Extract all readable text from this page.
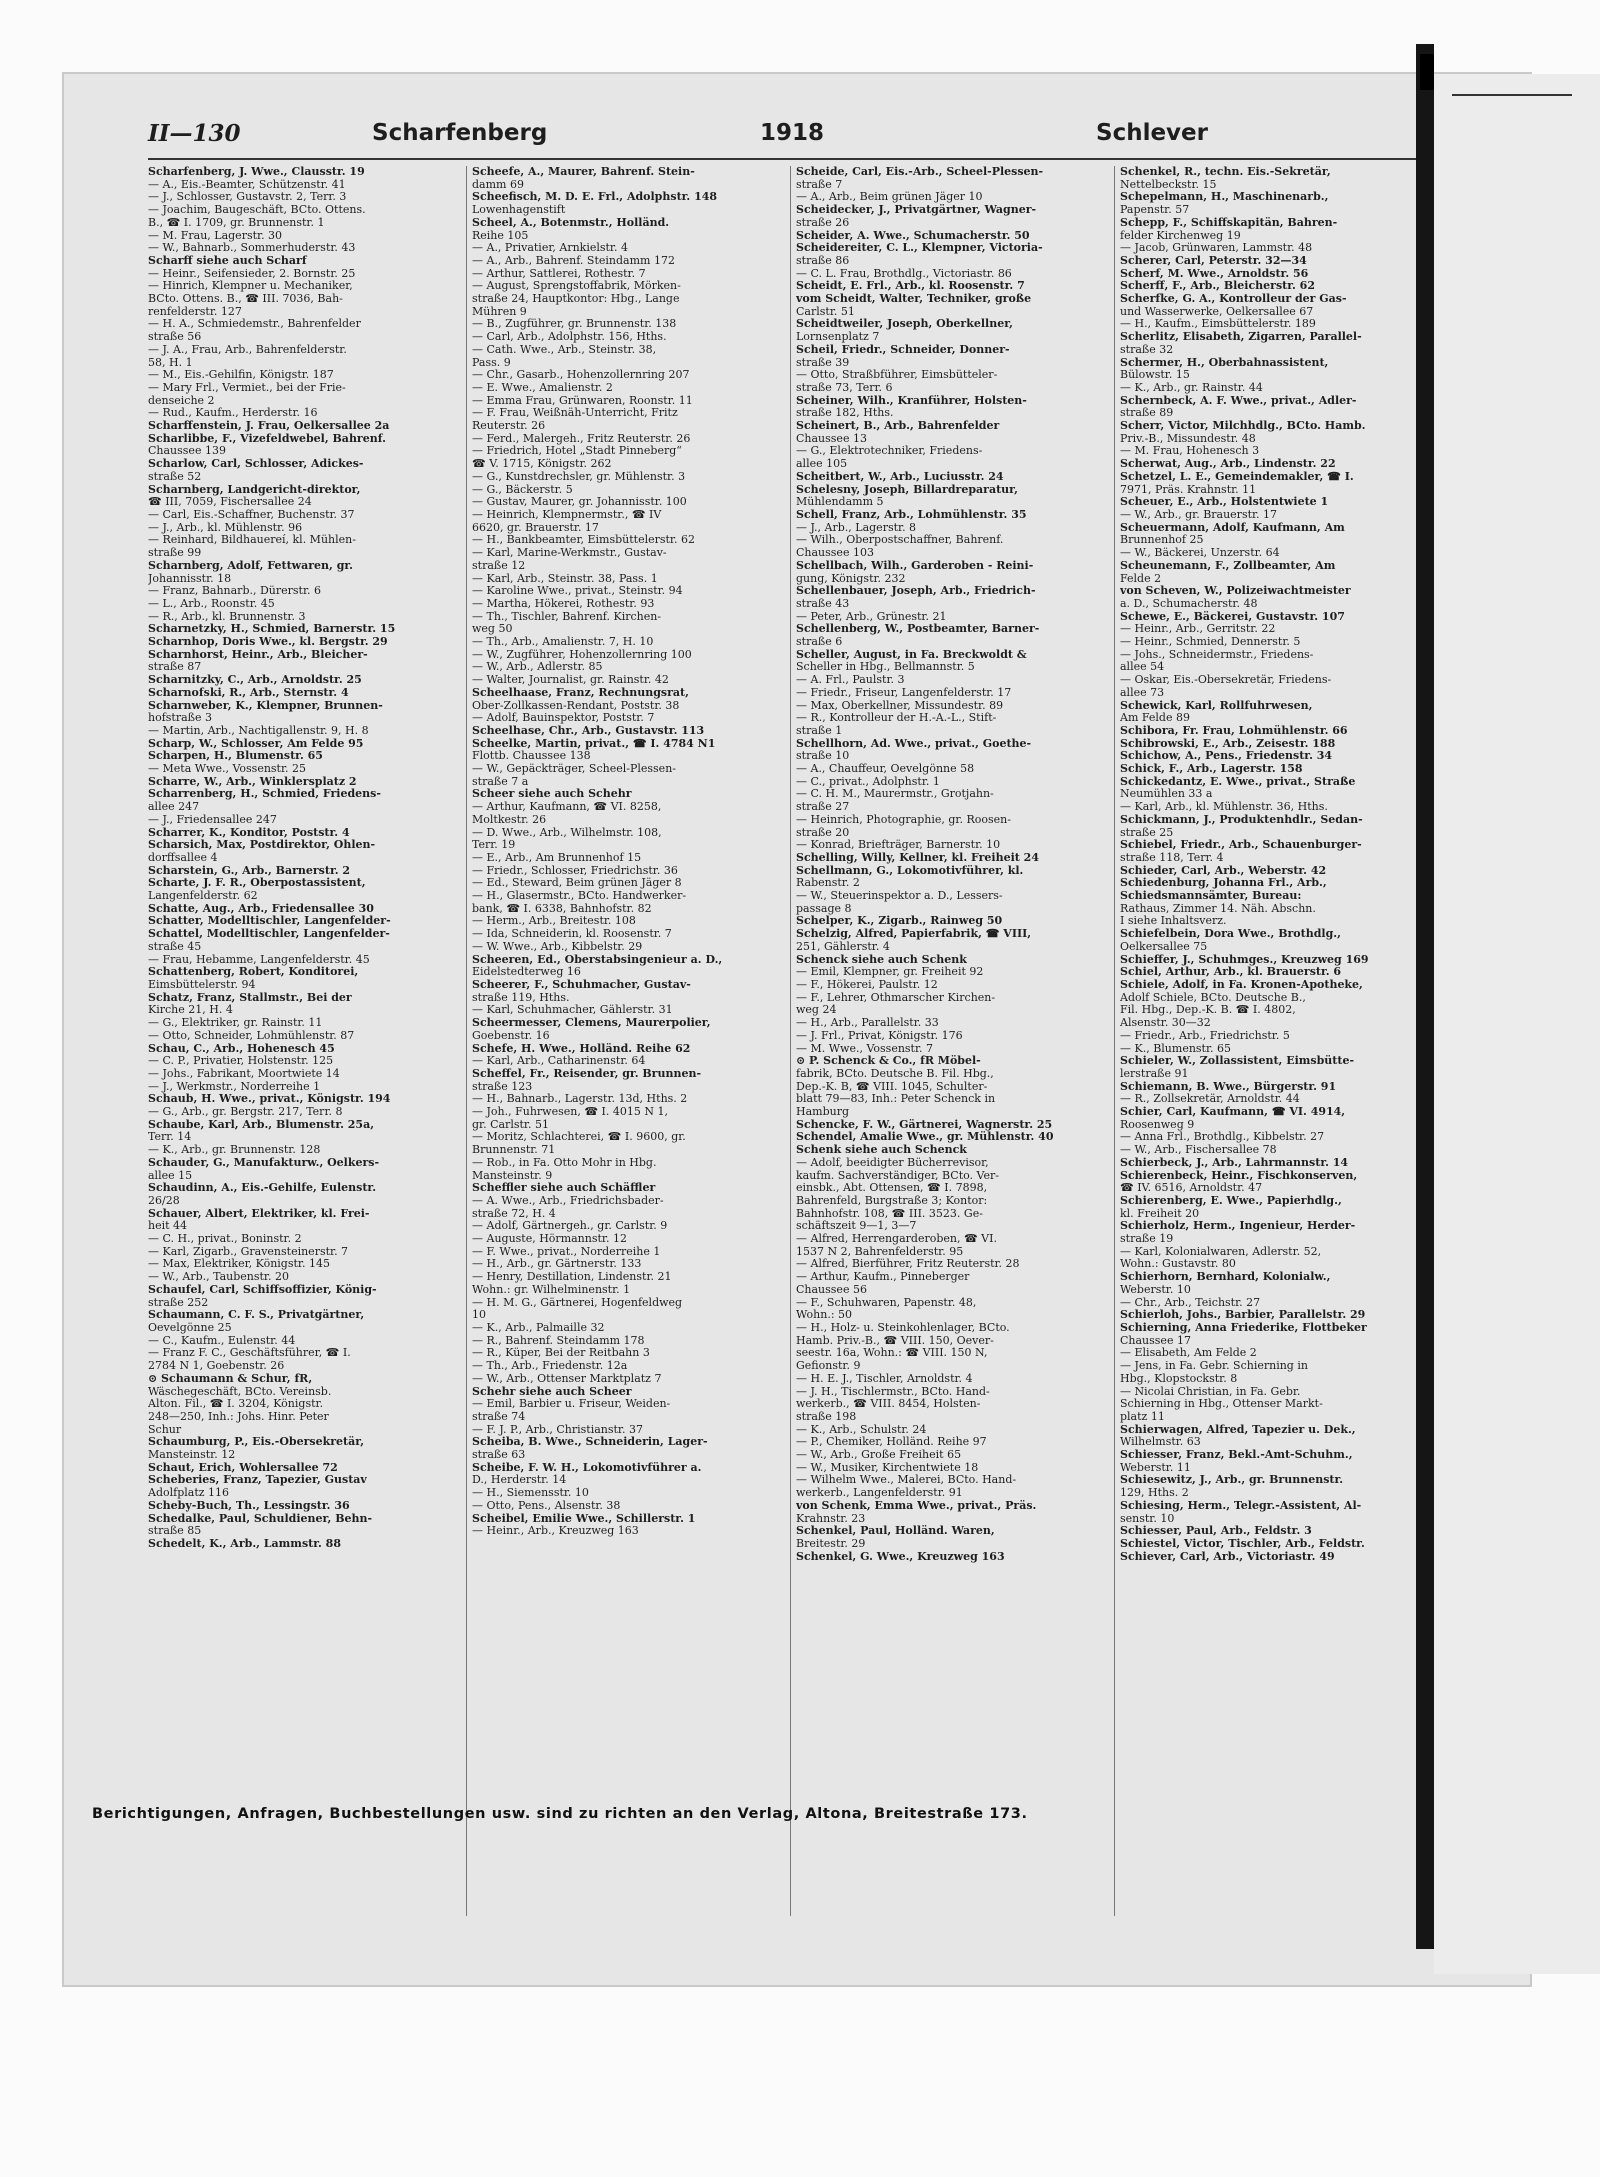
II—130	Scharfenberg	1918	Schlever

Scharfenberg, J. Wwe., Clausstr. 19

— A., Eis.-Beamter, Schützenstr. 41

— J., Schlosser, Gustavstr. 2, Terr. 3

— Joachim, Baugeschäft, BCto. Ottens.

B., ☎ I. 1709, gr. Brunnenstr. 1

— M. Frau, Lagerstr. 30

— W., Bahnarb., Sommerhuderstr. 43

Scharff siehe auch Scharf

— Heinr., Seifensieder, 2. Bornstr. 25

— Hinrich, Klempner u. Mechaniker,

BCto. Ottens. B., ☎ III. 7036, Bah-

renfelderstr. 127

— H. A., Schmiedemstr., Bahrenfelder

straße 56

— J. A., Frau, Arb., Bahrenfelderstr.

58, H. 1

— M., Eis.-Gehilfin, Königstr. 187

— Mary Frl., Vermiet., bei der Frie-

denseiche 2

— Rud., Kaufm., Herderstr. 16

Scharffenstein, J. Frau, Oelkersallee 2a

Scharlibbe, F., Vizefeldwebel, Bahrenf.

Chaussee 139

Scharlow, Carl, Schlosser, Adickes-

straße 52

Scharnberg, Landgericht-direktor,

☎ III, 7059, Fischersallee 24

— Carl, Eis.-Schaffner, Buchenstr. 37

— J., Arb., kl. Mühlenstr. 96

— Reinhard, Bildhauereí, kl. Mühlen-

straße 99

Scharnberg, Adolf, Fettwaren, gr.

Johannisstr. 18

— Franz, Bahnarb., Dürerstr. 6

— L., Arb., Roonstr. 45

— R., Arb., kl. Brunnenstr. 3

Scharnetzky, H., Schmied, Barnerstr. 15

Scharnhop, Doris Wwe., kl. Bergstr. 29

Scharnhorst, Heinr., Arb., Bleicher-

straße 87

Scharnitzky, C., Arb., Arnoldstr. 25

Scharnofski, R., Arb., Sternstr. 4

Scharnweber, K., Klempner, Brunnen-

hofstraße 3

— Martin, Arb., Nachtigallenstr. 9, H. 8

Scharp, W., Schlosser, Am Felde 95

Scharpen, H., Blumenstr. 65

— Meta Wwe., Vossenstr. 25

Scharre, W., Arb., Winklersplatz 2

Scharrenberg, H., Schmied, Friedens-

allee 247

— J., Friedensallee 247

Scharrer, K., Konditor, Poststr. 4

Scharsich, Max, Postdirektor, Ohlen-

dorffsallee 4

Scharstein, G., Arb., Barnerstr. 2

Scharte, J. F. R., Oberpostassistent,

Langenfelderstr. 62

Schatte, Aug., Arb., Friedensallee 30

Schatter, Modelltischler, Langenfelder-

Schattel, Modelltischler, Langenfelder-

straße 45

— Frau, Hebamme, Langenfelderstr. 45

Schattenberg, Robert, Konditorei,

Eimsbüttelerstr. 94

Schatz, Franz, Stallmstr., Bei der

Kirche 21, H. 4

— G., Elektriker, gr. Rainstr. 11

— Otto, Schneider, Lohmühlenstr. 87

Schau, C., Arb., Hohenesch 45

— C. P., Privatier, Holstenstr. 125

— Johs., Fabrikant, Moortwiete 14

— J., Werkmstr., Norderreihe 1

Schaub, H. Wwe., privat., Königstr. 194

— G., Arb., gr. Bergstr. 217, Terr. 8

Schaube, Karl, Arb., Blumenstr. 25a,

Terr. 14

— K., Arb., gr. Brunnenstr. 128

Schauder, G., Manufakturw., Oelkers-

allee 15

Schaudinn, A., Eis.-Gehilfe, Eulenstr.

26/28

Schauer, Albert, Elektriker, kl. Frei-

heit 44

— C. H., privat., Boninstr. 2

— Karl, Zigarb., Gravensteinerstr. 7

— Max, Elektriker, Königstr. 145

— W., Arb., Taubenstr. 20

Schaufel, Carl, Schiffsoffizier, König-

straße 252

Schaumann, C. F. S., Privatgärtner,

Oevelgönne 25

— C., Kaufm., Eulenstr. 44

— Franz F. C., Geschäftsführer, ☎ I.

2784 N 1, Goebenstr. 26

⊙ Schaumann & Schur, fR,

Wäschegeschäft, BCto. Vereinsb.

Alton. Fil., ☎ I. 3204, Königstr.

248—250, Inh.: Johs. Hinr. Peter

Schur

Schaumburg, P., Eis.-Obersekretär,

Mansteinstr. 12

Schaut, Erich, Wohlersallee 72

Scheberies, Franz, Tapezier, Gustav

Adolfplatz 116

Scheby-Buch, Th., Lessingstr. 36

Schedalke, Paul, Schuldiener, Behn-

straße 85

Schedelt, K., Arb., Lammstr. 88

Scheefe, A., Maurer, Bahrenf. Stein-

damm 69

Scheefisch, M. D. E. Frl., Adolphstr. 148

Lowenhagenstift

Scheel, A., Botenmstr., Holländ.

Reihe 105

— A., Privatier, Arnkielstr. 4

— A., Arb., Bahrenf. Steindamm 172

— Arthur, Sattlerei, Rothestr. 7

— August, Sprengstoffabrik, Mörken-

straße 24, Hauptkontor: Hbg., Lange

Mühren 9

— B., Zugführer, gr. Brunnenstr. 138

— Carl, Arb., Adolphstr. 156, Hths.

— Cath. Wwe., Arb., Steinstr. 38,

Pass. 9

— Chr., Gasarb., Hohenzollernring 207

— E. Wwe., Amalienstr. 2

— Emma Frau, Grünwaren, Roonstr. 11

— F. Frau, Weißnäh-Unterricht, Fritz

Reuterstr. 26

— Ferd., Malergeh., Fritz Reuterstr. 26

— Friedrich, Hotel „Stadt Pinneberg“

☎ V. 1715, Königstr. 262

— G., Kunstdrechsler, gr. Mühlenstr. 3

— G., Bäckerstr. 5

— Gustav, Maurer, gr. Johannisstr. 100

— Heinrich, Klempnermstr., ☎ IV

6620, gr. Brauerstr. 17

— H., Bankbeamter, Eimsbüttelerstr. 62

— Karl, Marine-Werkmstr., Gustav-

straße 12

— Karl, Arb., Steinstr. 38, Pass. 1

— Karoline Wwe., privat., Steinstr. 94

— Martha, Hökerei, Rothestr. 93

— Th., Tischler, Bahrenf. Kirchen-

weg 50

— Th., Arb., Amalienstr. 7, H. 10

— W., Zugführer, Hohenzollernring 100

— W., Arb., Adlerstr. 85

— Walter, Journalist, gr. Rainstr. 42

Scheelhaase, Franz, Rechnungsrat,

Ober-Zollkassen-Rendant, Poststr. 38

— Adolf, Bauinspektor, Poststr. 7

Scheelhase, Chr., Arb., Gustavstr. 113

Scheelke, Martin, privat., ☎ I. 4784 N1

Flottb. Chaussee 138

— W., Gepäckträger, Scheel-Plessen-

straße 7 a

Scheer siehe auch Schehr

— Arthur, Kaufmann, ☎ VI. 8258,

Moltkestr. 26

— D. Wwe., Arb., Wilhelmstr. 108,

Terr. 19

— E., Arb., Am Brunnenhof 15

— Friedr., Schlosser, Friedrichstr. 36

— Ed., Steward, Beim grünen Jäger 8

— H., Glasermstr., BCto. Handwerker-

bank, ☎ I. 6338, Bahnhofstr. 82

— Herm., Arb., Breitestr. 108

— Ida, Schneiderin, kl. Roosenstr. 7

— W. Wwe., Arb., Kibbelstr. 29

Scheeren, Ed., Oberstabsingenieur a. D.,

Eidelstedterweg 16

Scheerer, F., Schuhmacher, Gustav-

straße 119, Hths.

— Karl, Schuhmacher, Gählerstr. 31

Scheermesser, Clemens, Maurerpolier,

Goebenstr. 16

Schefe, H. Wwe., Holländ. Reihe 62

— Karl, Arb., Catharinenstr. 64

Scheffel, Fr., Reisender, gr. Brunnen-

straße 123

— H., Bahnarb., Lagerstr. 13d, Hths. 2

— Joh., Fuhrwesen, ☎ I. 4015 N 1,

gr. Carlstr. 51

— Moritz, Schlachterei, ☎ I. 9600, gr.

Brunnenstr. 71

— Rob., in Fa. Otto Mohr in Hbg.

Mansteinstr. 9

Scheffler siehe auch Schäffler

— A. Wwe., Arb., Friedrichsbader-

straße 72, H. 4

— Adolf, Gärtnergeh., gr. Carlstr. 9

— Auguste, Hörmannstr. 12

— F. Wwe., privat., Norderreihe 1

— H., Arb., gr. Gärtnerstr. 133

— Henry, Destillation, Lindenstr. 21

Wohn.: gr. Wilhelminenstr. 1

— H. M. G., Gärtnerei, Hogenfeldweg

10

— K., Arb., Palmaille 32

— R., Bahrenf. Steindamm 178

— R., Küper, Bei der Reitbahn 3

— Th., Arb., Friedenstr. 12a

— W., Arb., Ottenser Marktplatz 7

Schehr siehe auch Scheer

— Emil, Barbier u. Friseur, Weiden-

straße 74

— F. J. P., Arb., Christianstr. 37

Scheiba, B. Wwe., Schneiderin, Lager-

straße 63

Scheibe, F. W. H., Lokomotivführer a.

D., Herderstr. 14

— H., Siemensstr. 10

— Otto, Pens., Alsenstr. 38

Scheibel, Emilie Wwe., Schillerstr. 1

— Heinr., Arb., Kreuzweg 163

Scheide, Carl, Eis.-Arb., Scheel-Plessen-

straße 7

— A., Arb., Beim grünen Jäger 10

Scheidecker, J., Privatgärtner, Wagner-

straße 26

Scheider, A. Wwe., Schumacherstr. 50

Scheidereiter, C. L., Klempner, Victoria-

straße 86

— C. L. Frau, Brothdlg., Victoriastr. 86

Scheidt, E. Frl., Arb., kl. Roosenstr. 7

vom Scheidt, Walter, Techniker, große

Carlstr. 51

Scheidtweiler, Joseph, Oberkellner,

Lornsenplatz 7

Scheil, Friedr., Schneider, Donner-

straße 39

— Otto, Straßbführer, Eimsbütteler-

straße 73, Terr. 6

Scheiner, Wilh., Kranführer, Holsten-

straße 182, Hths.

Scheinert, B., Arb., Bahrenfelder

Chaussee 13

— G., Elektrotechniker, Friedens-

allee 105

Scheitbert, W., Arb., Luciusstr. 24

Schelesny, Joseph, Billardreparatur,

Mühlendamm 5

Schell, Franz, Arb., Lohmühlenstr. 35

— J., Arb., Lagerstr. 8

— Wilh., Oberpostschaffner, Bahrenf.

Chaussee 103

Schellbach, Wilh., Garderoben - Reini-

gung, Königstr. 232

Schellenbauer, Joseph, Arb., Friedrich-

straße 43

— Peter, Arb., Grünestr. 21

Schellenberg, W., Postbeamter, Barner-

straße 6

Scheller, August, in Fa. Breckwoldt &

Scheller in Hbg., Bellmannstr. 5

— A. Frl., Paulstr. 3

— Friedr., Friseur, Langenfelderstr. 17

— Max, Oberkellner, Missundestr. 89

— R., Kontrolleur der H.-A.-L., Stift-

straße 1

Schellhorn, Ad. Wwe., privat., Goethe-

straße 10

— A., Chauffeur, Oevelgönne 58

— C., privat., Adolphstr. 1

— C. H. M., Maurermstr., Grotjahn-

straße 27

— Heinrich, Photographie, gr. Roosen-

straße 20

— Konrad, Briefträger, Barnerstr. 10

Schelling, Willy, Kellner, kl. Freiheit 24

Schellmann, G., Lokomotivführer, kl.

Rabenstr. 2

— W., Steuerinspektor a. D., Lessers-

passage 8

Schelper, K., Zigarb., Rainweg 50

Schelzig, Alfred, Papierfabrik, ☎ VIII,

251, Gählerstr. 4

Schenck siehe auch Schenk

— Emil, Klempner, gr. Freiheit 92

— F., Hökerei, Paulstr. 12

— F., Lehrer, Othmarscher Kirchen-

weg 24

— H., Arb., Parallelstr. 33

— J. Frl., Privat, Königstr. 176

— M. Wwe., Vossenstr. 7

⊙ P. Schenck & Co., fR Möbel-

fabrik, BCto. Deutsche B. Fil. Hbg.,

Dep.-K. B, ☎ VIII. 1045, Schulter-

blatt 79—83, Inh.: Peter Schenck in

Hamburg

Schencke, F. W., Gärtnerei, Wagnerstr. 25

Schendel, Amalie Wwe., gr. Mühlenstr. 40

Schenk siehe auch Schenck

— Adolf, beeidigter Bücherrevisor,

kaufm. Sachverständiger, BCto. Ver-

einsbk., Abt. Ottensen, ☎ I. 7898,

Bahrenfeld, Burgstraße 3; Kontor:

Bahnhofstr. 108, ☎ III. 3523. Ge-

schäftszeit 9—1, 3—7

— Alfred, Herrengarderoben, ☎ VI.

1537 N 2, Bahrenfelderstr. 95

— Alfred, Bierführer, Fritz Reuterstr. 28

— Arthur, Kaufm., Pinneberger

Chaussee 56

— F., Schuhwaren, Papenstr. 48,

Wohn.: 50

— H., Holz- u. Steinkohlenlager, BCto.

Hamb. Priv.-B., ☎ VIII. 150, Oever-

seestr. 16a, Wohn.: ☎ VIII. 150 N,

Gefionstr. 9

— H. E. J., Tischler, Arnoldstr. 4

— J. H., Tischlermstr., BCto. Hand-

werkerb., ☎ VIII. 8454, Holsten-

straße 198

— K., Arb., Schulstr. 24

— P., Chemiker, Holländ. Reihe 97

— W., Arb., Große Freiheit 65

— W., Musiker, Kirchentwiete 18

— Wilhelm Wwe., Malerei, BCto. Hand-

werkerb., Langenfelderstr. 91

von Schenk, Emma Wwe., privat., Präs.

Krahnstr. 23

Schenkel, Paul, Holländ. Waren,

Breitestr. 29

Schenkel, G. Wwe., Kreuzweg 163

Schenkel, R., techn. Eis.-Sekretär,

Nettelbeckstr. 15

Schepelmann, H., Maschinenarb.,

Papenstr. 57

Schepp, F., Schiffskapitän, Bahren-

felder Kirchenweg 19

— Jacob, Grünwaren, Lammstr. 48

Scherer, Carl, Peterstr. 32—34

Scherf, M. Wwe., Arnoldstr. 56

Scherff, F., Arb., Bleicherstr. 62

Scherfke, G. A., Kontrolleur der Gas-

und Wasserwerke, Oelkersallee 67

— H., Kaufm., Eimsbüttelerstr. 189

Scherlitz, Elisabeth, Zigarren, Parallel-

straße 32

Schermer, H., Oberbahnassistent,

Bülowstr. 15

— K., Arb., gr. Rainstr. 44

Schernbeck, A. F. Wwe., privat., Adler-

straße 89

Scherr, Victor, Milchhdlg., BCto. Hamb.

Priv.-B., Missundestr. 48

— M. Frau, Hohenesch 3

Scherwat, Aug., Arb., Lindenstr. 22

Schetzel, L. E., Gemeindemakler, ☎ I.

7971, Präs. Krahnstr. 11

Scheuer, E., Arb., Holstentwiete 1

— W., Arb., gr. Brauerstr. 17

Scheuermann, Adolf, Kaufmann, Am

Brunnenhof 25

— W., Bäckerei, Unzerstr. 64

Scheunemann, F., Zollbeamter, Am

Felde 2

von Scheven, W., Polizeiwachtmeister

a. D., Schumacherstr. 48

Schewe, E., Bäckerei, Gustavstr. 107

— Heinr., Arb., Gerritstr. 22

— Heinr., Schmied, Dennerstr. 5

— Johs., Schneidermstr., Friedens-

allee 54

— Oskar, Eis.-Obersekretär, Friedens-

allee 73

Schewick, Karl, Rollfuhrwesen,

Am Felde 89

Schibora, Fr. Frau, Lohmühlenstr. 66

Schibrowski, E., Arb., Zeisestr. 188

Schichow, A., Pens., Friedenstr. 34

Schick, F., Arb., Lagerstr. 158

Schickedantz, E. Wwe., privat., Straße

Neumühlen 33 a

— Karl, Arb., kl. Mühlenstr. 36, Hths.

Schickmann, J., Produktenhdlr., Sedan-

straße 25

Schiebel, Friedr., Arb., Schauenburger-

straße 118, Terr. 4

Schieder, Carl, Arb., Weberstr. 42

Schiedenburg, Johanna Frl., Arb.,

Schiedsmannsämter, Bureau:

Rathaus, Zimmer 14. Näh. Abschn.

I siehe Inhaltsverz.

Schiefelbein, Dora Wwe., Brothdlg.,

Oelkersallee 75

Schieffer, J., Schuhmges., Kreuzweg 169

Schiel, Arthur, Arb., kl. Brauerstr. 6

Schiele, Adolf, in Fa. Kronen-Apotheke,

Adolf Schiele, BCto. Deutsche B.,

Fil. Hbg., Dep.-K. B. ☎ I. 4802,

Alsenstr. 30—32

— Friedr., Arb., Friedrichstr. 5

— K., Blumenstr. 65

Schieler, W., Zollassistent, Eimsbütte-

lerstraße 91

Schiemann, B. Wwe., Bürgerstr. 91

— R., Zollsekretär, Arnoldstr. 44

Schier, Carl, Kaufmann, ☎ VI. 4914,

Roosenweg 9

— Anna Frl., Brothdlg., Kibbelstr. 27

— W., Arb., Fischersallee 78

Schierbeck, J., Arb., Lahrmannstr. 14

Schierenbeck, Heinr., Fischkonserven,

☎ IV. 6516, Arnoldstr. 47

Schierenberg, E. Wwe., Papierhdlg.,

kl. Freiheit 20

Schierholz, Herm., Ingenieur, Herder-

straße 19

— Karl, Kolonialwaren, Adlerstr. 52,

Wohn.: Gustavstr. 80

Schierhorn, Bernhard, Kolonialw.,

Weberstr. 10

— Chr., Arb., Teichstr. 27

Schierloh, Johs., Barbier, Parallelstr. 29

Schierning, Anna Friederike, Flottbeker

Chaussee 17

— Elisabeth, Am Felde 2

— Jens, in Fa. Gebr. Schierning in

Hbg., Klopstockstr. 8

— Nicolai Christian, in Fa. Gebr.

Schierning in Hbg., Ottenser Markt-

platz 11

Schierwagen, Alfred, Tapezier u. Dek.,

Wilhelmstr. 63

Schiesser, Franz, Bekl.-Amt-Schuhm.,

Weberstr. 11

Schiesewitz, J., Arb., gr. Brunnenstr.

129, Hths. 2

Schiesing, Herm., Telegr.-Assistent, Al-

senstr. 10

Schiesser, Paul, Arb., Feldstr. 3

Schiestel, Victor, Tischler, Arb., Feldstr.

Schiever, Carl, Arb., Victoriastr. 49

Berichtigungen, Anfragen, Buchbestellungen usw. sind zu richten an den Verlag, Altona, Breitestraße 173.
